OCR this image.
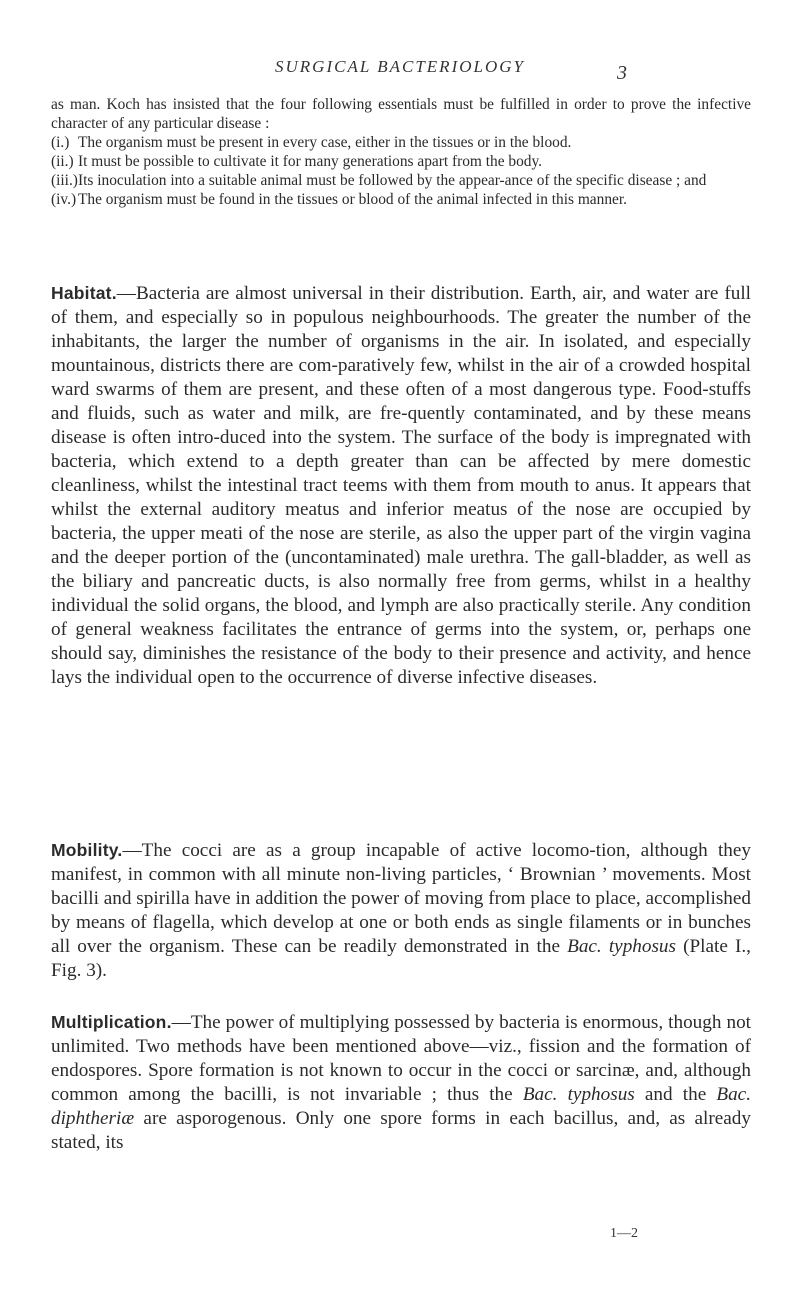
SURGICAL BACTERIOLOGY	3

as man. Koch has insisted that the four following essentials must be fulfilled in order to prove the infective character of any particular disease :

(i.) The organism must be present in every case, either in the tissues or in the blood.
(ii.) It must be possible to cultivate it for many generations apart from the body.
(iii.) Its inoculation into a suitable animal must be followed by the appear-ance of the specific disease ; and
(iv.) The organism must be found in the tissues or blood of the animal infected in this manner.

Habitat.—Bacteria are almost universal in their distribution. Earth, air, and water are full of them, and especially so in populous neighbourhoods. The greater the number of the inhabitants, the larger the number of organisms in the air. In isolated, and especially mountainous, districts there are com-paratively few, whilst in the air of a crowded hospital ward swarms of them are present, and these often of a most dangerous type. Food-stuffs and fluids, such as water and milk, are fre-quently contaminated, and by these means disease is often intro-duced into the system. The surface of the body is impregnated with bacteria, which extend to a depth greater than can be affected by mere domestic cleanliness, whilst the intestinal tract teems with them from mouth to anus. It appears that whilst the external auditory meatus and inferior meatus of the nose are occupied by bacteria, the upper meati of the nose are sterile, as also the upper part of the virgin vagina and the deeper portion of the (uncontaminated) male urethra. The gall-bladder, as well as the biliary and pancreatic ducts, is also normally free from germs, whilst in a healthy individual the solid organs, the blood, and lymph are also practically sterile. Any condition of general weakness facilitates the entrance of germs into the system, or, perhaps one should say, diminishes the resistance of the body to their presence and activity, and hence lays the individual open to the occurrence of diverse infective diseases.

Mobility.—The cocci are as a group incapable of active locomo-tion, although they manifest, in common with all minute non-living particles, ‘ Brownian ’ movements. Most bacilli and spirilla have in addition the power of moving from place to place, accomplished by means of flagella, which develop at one or both ends as single filaments or in bunches all over the organism. These can be readily demonstrated in the Bac. typhosus (Plate I., Fig. 3).

Multiplication.—The power of multiplying possessed by bacteria is enormous, though not unlimited. Two methods have been mentioned above—viz., fission and the formation of endospores. Spore formation is not known to occur in the cocci or sarcinæ, and, although common among the bacilli, is not invariable ; thus the Bac. typhosus and the Bac. diphtheriæ are asporogenous. Only one spore forms in each bacillus, and, as already stated, its

1—2
